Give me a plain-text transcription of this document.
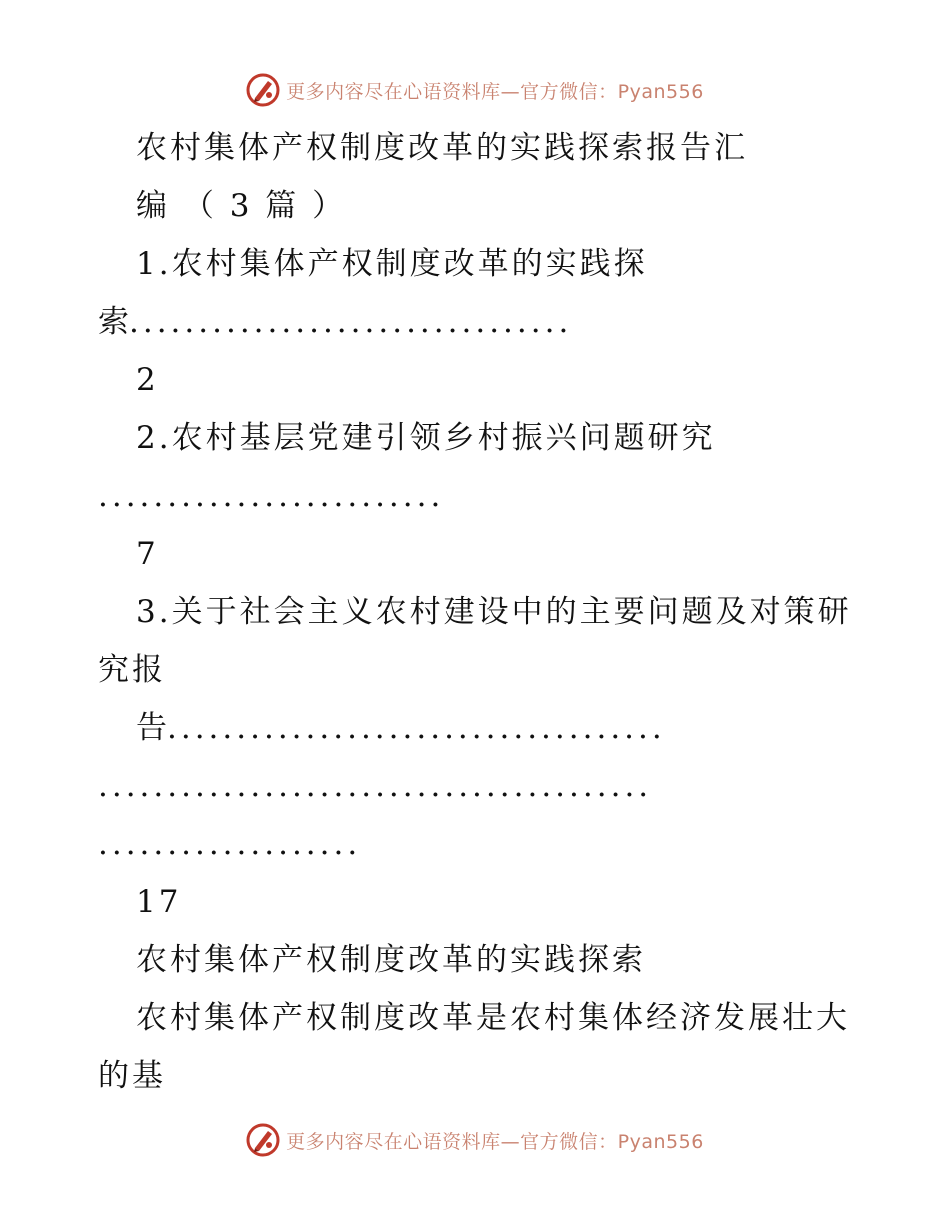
更多内容尽在心语资料库—官方微信：Pyan556
农村集体产权制度改革的实践探索报告汇
编 （ 3 篇 ）
1.农村集体产权制度改革的实践探
索................................
2
2.农村基层党建引领乡村振兴问题研究
.........................
7
3.关于社会主义农村建设中的主要问题及对策研
究报
告....................................
........................................
...................
17
农村集体产权制度改革的实践探索
农村集体产权制度改革是农村集体经济发展壮大
的基
更多内容尽在心语资料库—官方微信：Pyan556
